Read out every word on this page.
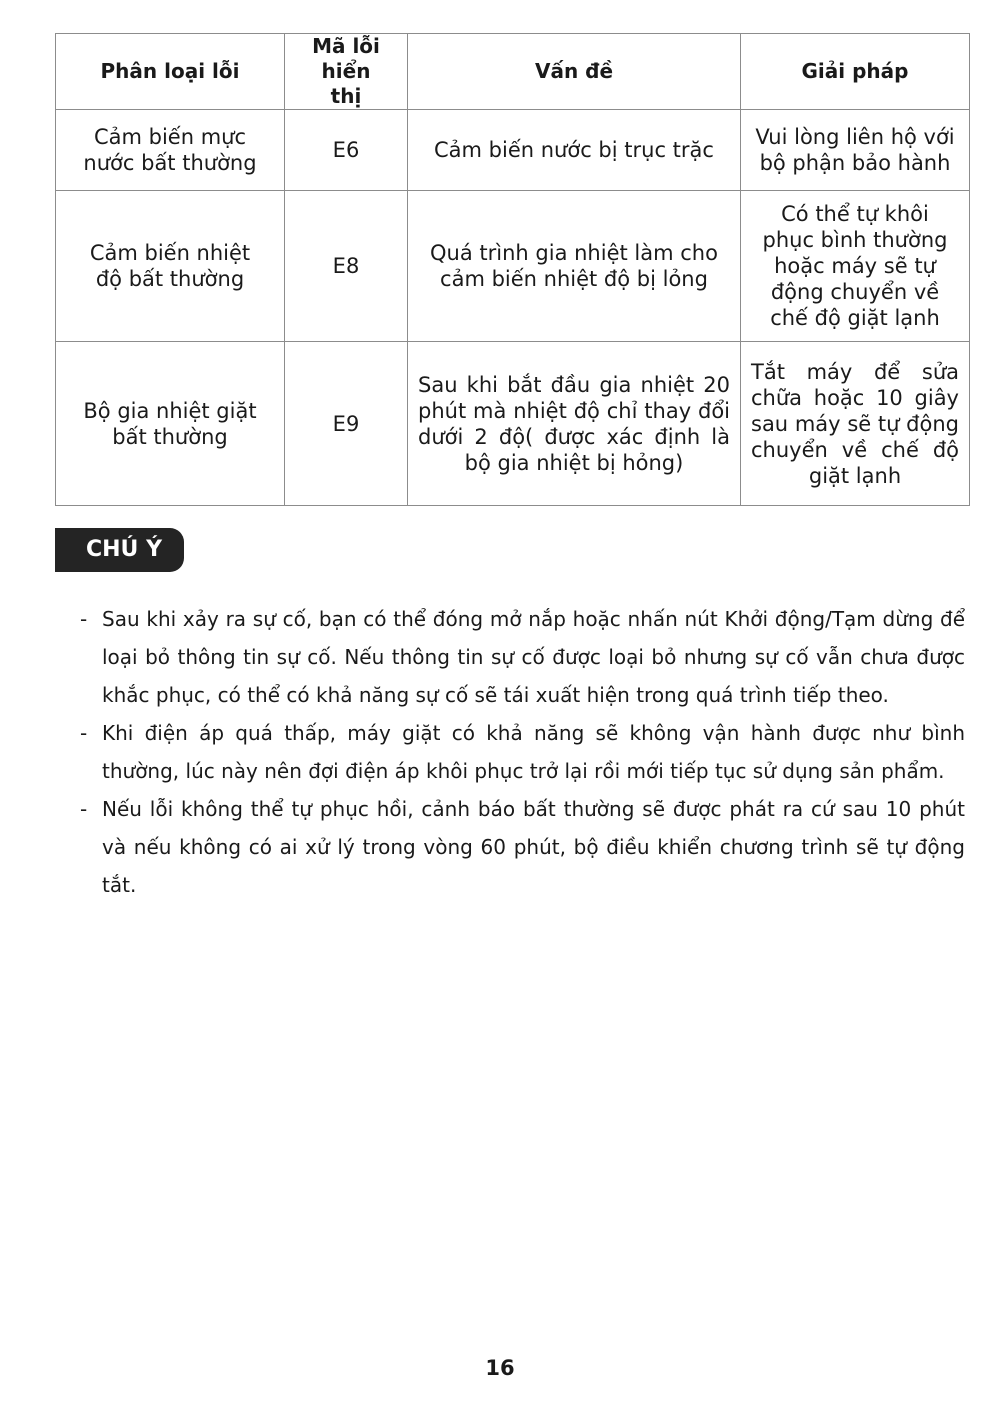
Phân loại lỗi	Mã lỗi hiển thị	Vấn đề	Giải pháp
Cảm biến mực nước bất thường	E6	Cảm biến nước bị trục trặc	Vui lòng liên hộ với bộ phận bảo hành
Cảm biến nhiệt độ bất thường	E8	Quá trình gia nhiệt làm cho cảm biến nhiệt độ bị lỏng	Có thể tự khôi phục bình thường hoặc máy sẽ tự động chuyển về chế độ giặt lạnh
Bộ gia nhiệt giặt bất thường	E9	Sau khi bắt đầu gia nhiệt 20 phút mà nhiệt độ chỉ thay đổi dưới 2 độ( được xác định là bộ gia nhiệt bị hỏng)	Tắt máy để sửa chữa hoặc 10 giây sau máy sẽ tự động chuyển về chế độ giặt lạnh
CHÚ Ý
- Sau khi xảy ra sự cố, bạn có thể đóng mở nắp hoặc nhấn nút Khởi động/Tạm dừng để loại bỏ thông tin sự cố. Nếu thông tin sự cố được loại bỏ nhưng sự cố vẫn chưa được khắc phục, có thể có khả năng sự cố sẽ tái xuất hiện trong quá trình tiếp theo.
- Khi điện áp quá thấp, máy giặt có khả năng sẽ không vận hành được như bình thường, lúc này nên đợi điện áp khôi phục trở lại rồi mới tiếp tục sử dụng sản phẩm.
- Nếu lỗi không thể tự phục hồi, cảnh báo bất thường sẽ được phát ra cứ sau 10 phút và nếu không có ai xử lý trong vòng 60 phút, bộ điều khiển chương trình sẽ tự động tắt.
16
